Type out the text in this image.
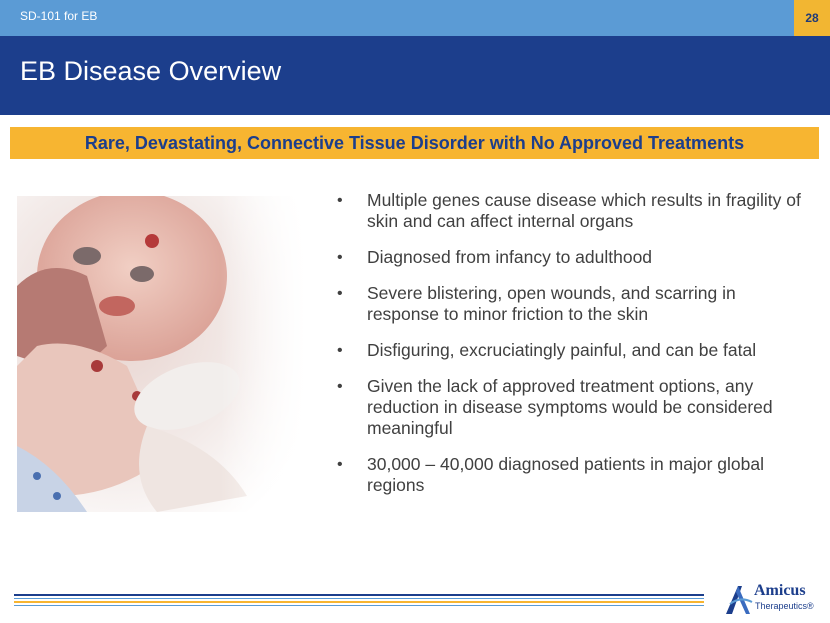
SD-101 for EB	28
EB Disease Overview
Rare, Devastating, Connective Tissue Disorder with No Approved Treatments
• Multiple genes cause disease which results in fragility of skin and can affect internal organs
• Diagnosed from infancy to adulthood
• Severe blistering, open wounds, and scarring in response to minor friction to the skin
• Disfiguring, excruciatingly painful, and can be fatal
• Given the lack of approved treatment options, any reduction in disease symptoms would be considered meaningful
• 30,000 – 40,000 diagnosed patients in major global regions
Amicus
Therapeutics®
